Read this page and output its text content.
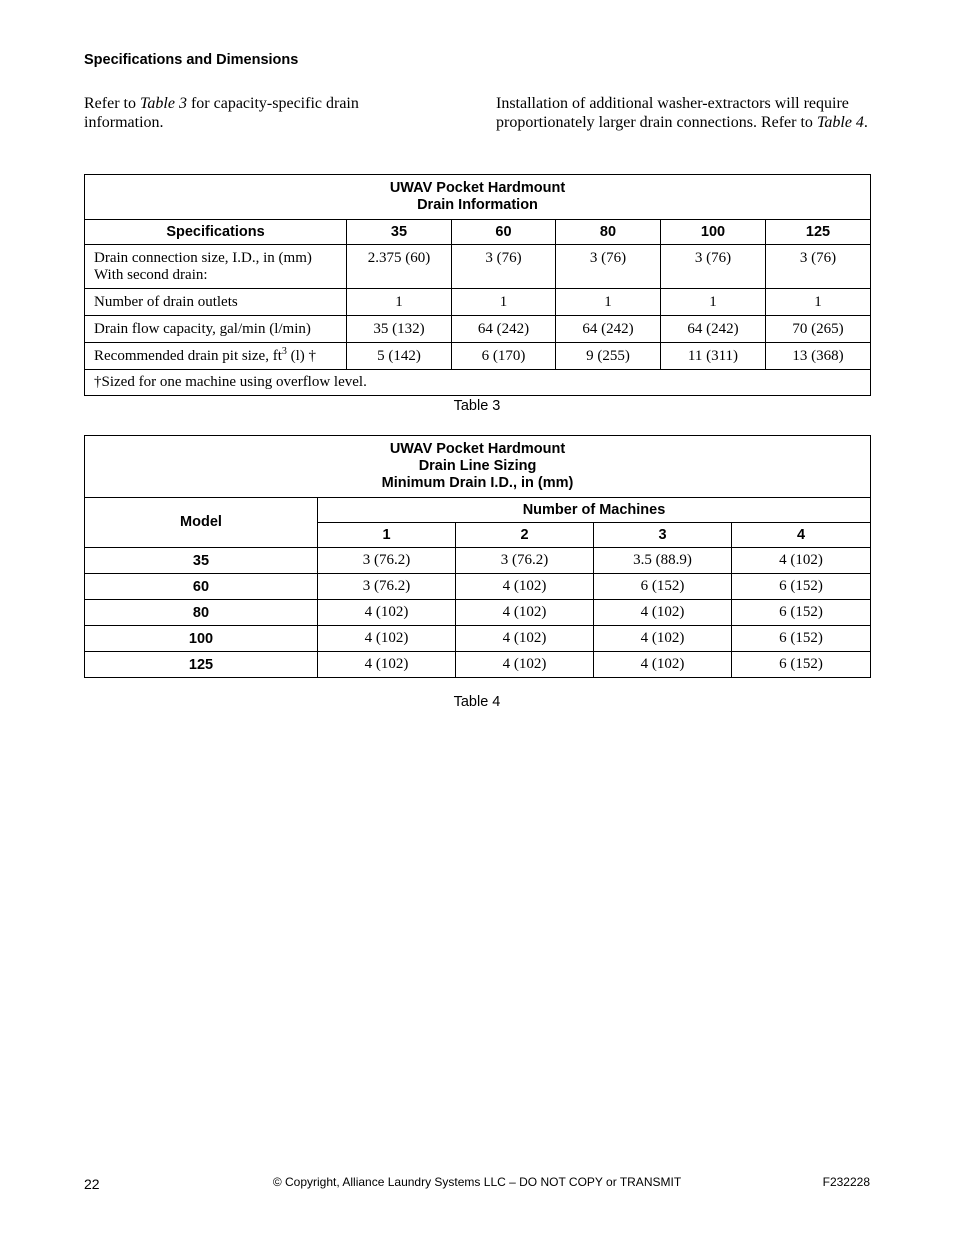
Specifications and Dimensions
Refer to Table 3 for capacity-specific drain information.
Installation of additional washer-extractors will require proportionately larger drain connections. Refer to Table 4.
UWAV Pocket Hardmount
Drain Information					

Specifications	35	60	80	100	125

Drain connection size, I.D., in (mm)
With second drain:	2.375 (60)	3 (76)	3 (76)	3 (76)	3 (76)
Number of drain outlets	1	1	1	1	1
Drain flow capacity, gal/min (l/min)	35 (132)	64 (242)	64 (242)	64 (242)	70 (265)
Recommended drain pit size, $ft^3$ (l) †	5 (142)	6 (170)	9 (255)	11 (311)	13 (368)
†Sized for one machine using overflow level.					
Table 3
UWAV Pocket Hardmount
Drain Line Sizing
Minimum Drain I.D., in (mm)				

Model	Number of Machines			
	1	2	3	4
35	3 (76.2)	3 (76.2)	3.5 (88.9)	4 (102)
60	3 (76.2)	4 (102)	6 (152)	6 (152)
80	4 (102)	4 (102)	4 (102)	6 (152)
100	4 (102)	4 (102)	4 (102)	6 (152)
125	4 (102)	4 (102)	4 (102)	6 (152)
Table 4
22	© Copyright, Alliance Laundry Systems LLC – DO NOT COPY or TRANSMIT	F232228
